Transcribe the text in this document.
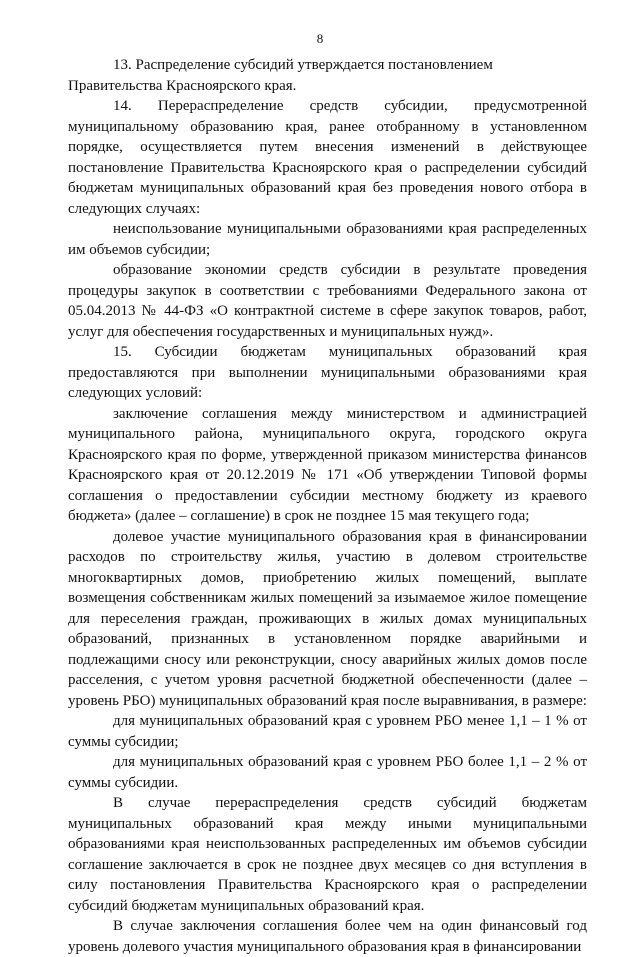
8

13. Распределение субсидий утверждается постановлением
Правительства Красноярского края.

14. Перераспределение средств субсидии, предусмотренной муниципальному образованию края, ранее отобранному в установленном порядке, осуществляется путем внесения изменений в действующее постановление Правительства Красноярского края о распределении субсидий бюджетам муниципальных образований края без проведения нового отбора в следующих случаях:

неиспользование муниципальными образованиями края распределенных им объемов субсидии;

образование экономии средств субсидии в результате проведения процедуры закупок в соответствии с требованиями Федерального закона от 05.04.2013 № 44-ФЗ «О контрактной системе в сфере закупок товаров, работ, услуг для обеспечения государственных и муниципальных нужд».

15. Субсидии бюджетам муниципальных образований края предоставляются при выполнении муниципальными образованиями края следующих условий:

заключение соглашения между министерством и администрацией муниципального района, муниципального округа, городского округа Красноярского края по форме, утвержденной приказом министерства финансов Красноярского края от 20.12.2019 № 171 «Об утверждении Типовой формы соглашения о предоставлении субсидии местному бюджету из краевого бюджета» (далее – соглашение) в срок не позднее 15 мая текущего года;

долевое участие муниципального образования края в финансировании расходов по строительству жилья, участию в долевом строительстве многоквартирных домов, приобретению жилых помещений, выплате возмещения собственникам жилых помещений за изымаемое жилое помещение для переселения граждан, проживающих в жилых домах муниципальных образований, признанных в установленном порядке аварийными и подлежащими сносу или реконструкции, сносу аварийных жилых домов после расселения, с учетом уровня расчетной бюджетной обеспеченности (далее – уровень РБО) муниципальных образований края после выравнивания, в размере:

для муниципальных образований края с уровнем РБО менее 1,1 – 1 % от суммы субсидии;

для муниципальных образований края с уровнем РБО более 1,1 – 2 % от суммы субсидии.

В случае перераспределения средств субсидий бюджетам муниципальных образований края между иными муниципальными образованиями края неиспользованных распределенных им объемов субсидии соглашение заключается в срок не позднее двух месяцев со дня вступления в силу постановления Правительства Красноярского края о распределении субсидий бюджетам муниципальных образований края.

В случае заключения соглашения более чем на один финансовый год уровень долевого участия муниципального образования края в финансировании
